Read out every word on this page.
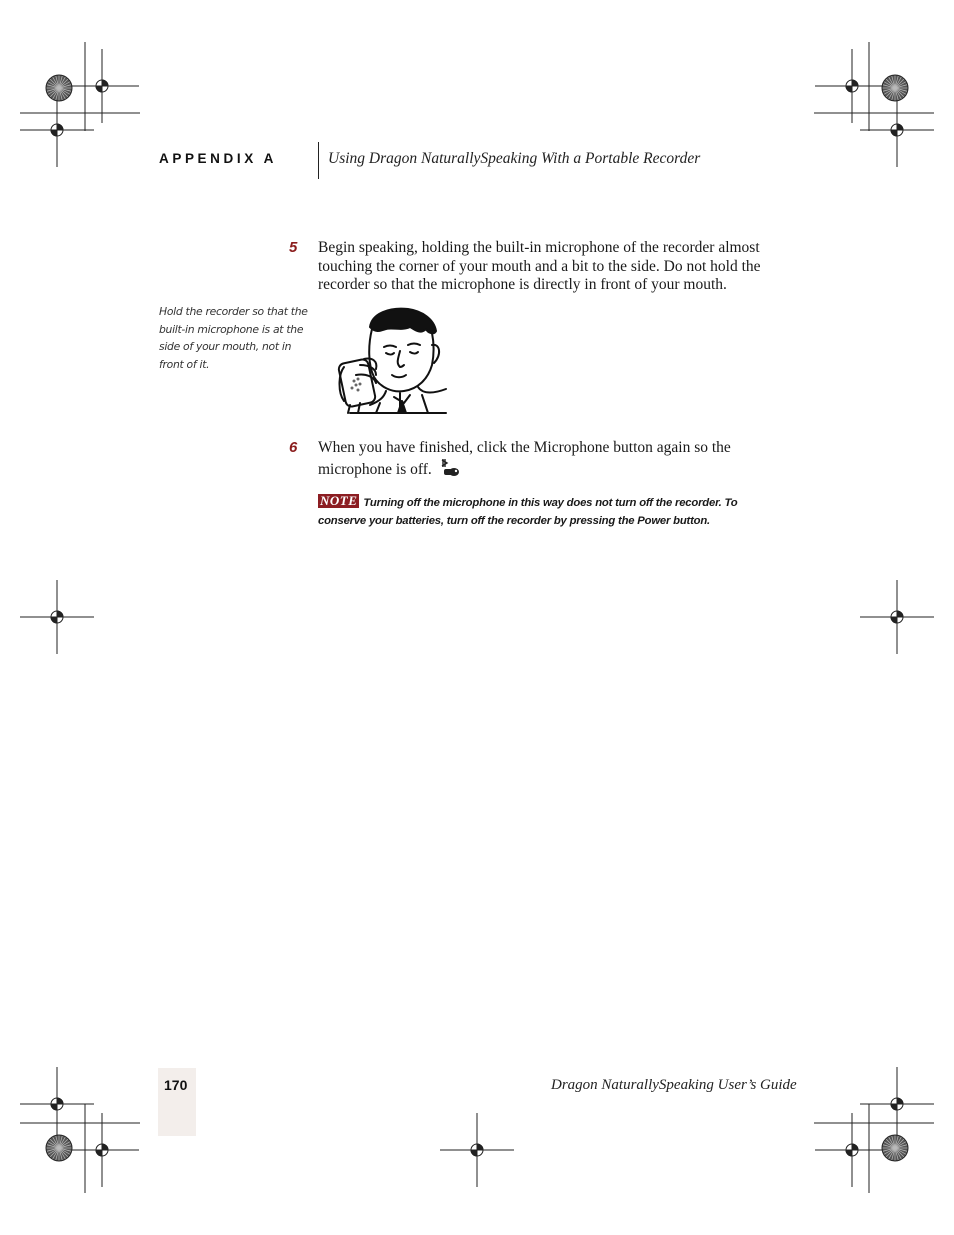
APPENDIX A	Using Dragon NaturallySpeaking With a Portable Recorder
5 Begin speaking, holding the built-in microphone of the recorder almost touching the corner of your mouth and a bit to the side. Do not hold the recorder so that the microphone is directly in front of your mouth.
Hold the recorder so that the built-in microphone is at the side of your mouth, not in front of it.
6 When you have finished, click the Microphone button again so the microphone is off.
NOTE Turning off the microphone in this way does not turn off the recorder. To conserve your batteries, turn off the recorder by pressing the Power button.
170	Dragon NaturallySpeaking User’s Guide
